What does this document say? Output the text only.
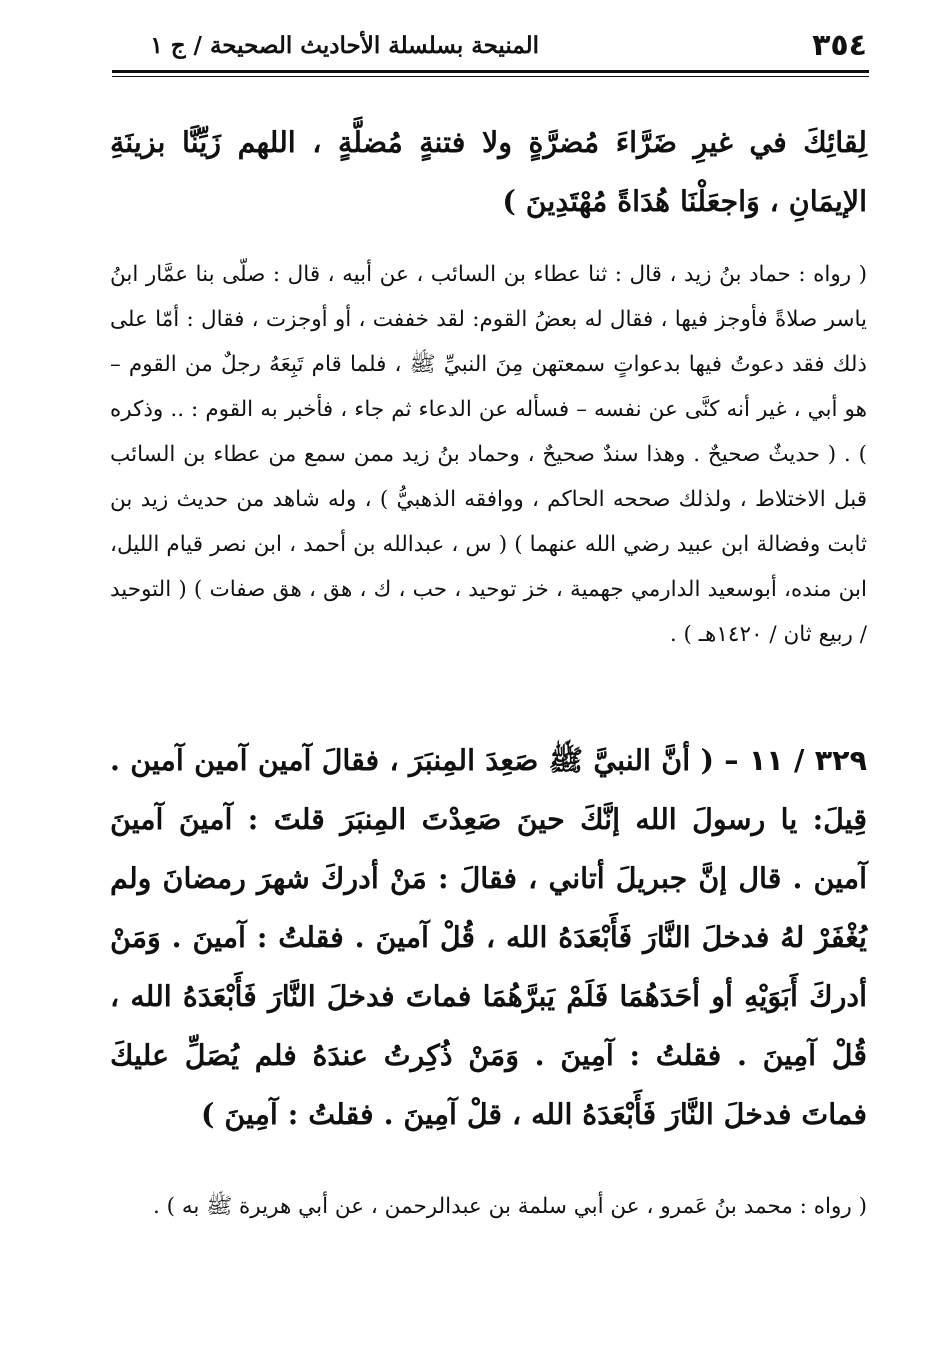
٣٥٤
المنيحة بسلسلة الأحاديث الصحيحة / ج ١
لِقائِكَ في غيرِ ضَرَّاءَ مُضرَّةٍ ولا فتنةٍ مُضلَّةٍ ، اللهم زَيِّنَّا بزينَةِ الإيمَانِ ، وَاجعَلْنَا هُدَاةً مُهْتَدِينَ )
( رواه : حماد بنُ زيد ، قال : ثنا عطاء بن السائب ، عن أبيه ، قال : صلّى بنا عمَّار ابنُ ياسر صلاةً فأوجز فيها ، فقال له بعضُ القوم: لقد خففت ، أو أوجزت ، فقال : أمّا على ذلك فقد دعوتُ فيها بدعواتٍ سمعتهن مِنَ النبيِّ ﷺ ، فلما قام تَبِعَهُ رجلٌ من القوم – هو أبي ، غير أنه كنَّى عن نفسه – فسأله عن الدعاء ثم جاء ، فأخبر به القوم : .. وذكره ) . ( حديثٌ صحيحٌ . وهذا سندٌ صحيحٌ ، وحماد بنُ زيد ممن سمع من عطاء بن السائب قبل الاختلاط ، ولذلك صححه الحاكم ، ووافقه الذهبيُّ ) ، وله شاهد من حديث زيد بن ثابت وفضالة ابن عبيد رضي الله عنهما ) ( س ، عبدالله بن أحمد ، ابن نصر قيام الليل، ابن منده، أبوسعيد الدارمي جهمية ، خز توحيد ، حب ، ك ، هق ، هق صفات ) ( التوحيد / ربيع ثان / ١٤٢٠هـ ) .
٣٢٩ / ١١ – ( أنَّ النبيَّ ﷺ صَعِدَ المِنبَرَ ، فقالَ آمين آمين آمين . قِيلَ: يا رسولَ الله إنَّكَ حينَ صَعِدْتَ المِنبَرَ قلتَ : آمينَ آمينَ آمين . قال إنَّ جبريلَ أتاني ، فقالَ : مَنْ أدركَ شهرَ رمضانَ ولم يُغْفَرْ لهُ فدخلَ النَّارَ فَأَبْعَدَهُ الله ، قُلْ آمينَ . فقلتُ : آمينَ . وَمَنْ أدركَ أَبَوَيْهِ أو أحَدَهُمَا فَلَمْ يَبرَّهُمَا فماتَ فدخلَ النَّارَ فَأَبْعَدَهُ الله ، قُلْ آمِينَ . فقلتُ : آمِينَ . وَمَنْ ذُكِرتُ عندَهُ فلم يُصَلِّ عليكَ فماتَ فدخلَ النَّارَ فَأَبْعَدَهُ الله ، قلْ آمِينَ . فقلتُ : آمِينَ )
( رواه : محمد بنُ عَمرو ، عن أبي سلمة بن عبدالرحمن ، عن أبي هريرة ﷺ به ) .
